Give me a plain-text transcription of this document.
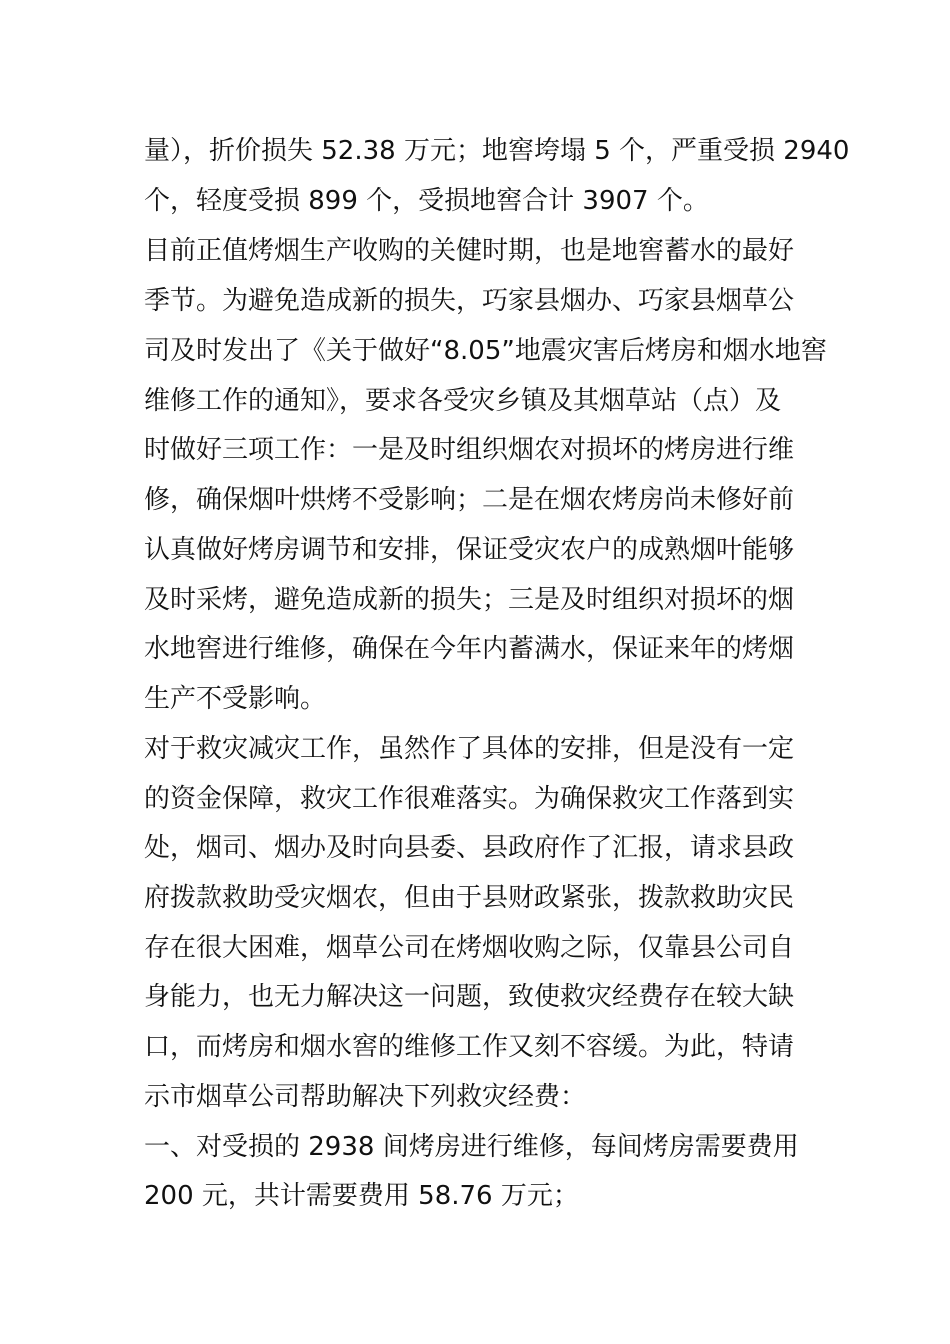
量），折价损失 52.38 万元；地窖垮塌 5 个，严重受损 2940
个，轻度受损 899 个，受损地窖合计 3907 个。
目前正值烤烟生产收购的关健时期，也是地窖蓄水的最好
季节。为避免造成新的损失，巧家县烟办、巧家县烟草公
司及时发出了《关于做好“8.05”地震灾害后烤房和烟水地窖
维修工作的通知》，要求各受灾乡镇及其烟草站（点）及
时做好三项工作：一是及时组织烟农对损坏的烤房进行维
修，确保烟叶烘烤不受影响；二是在烟农烤房尚未修好前
认真做好烤房调节和安排，保证受灾农户的成熟烟叶能够
及时采烤，避免造成新的损失；三是及时组织对损坏的烟
水地窖进行维修，确保在今年内蓄满水，保证来年的烤烟
生产不受影响。
对于救灾减灾工作，虽然作了具体的安排，但是没有一定
的资金保障，救灾工作很难落实。为确保救灾工作落到实
处，烟司、烟办及时向县委、县政府作了汇报，请求县政
府拨款救助受灾烟农，但由于县财政紧张，拨款救助灾民
存在很大困难，烟草公司在烤烟收购之际，仅靠县公司自
身能力，也无力解决这一问题，致使救灾经费存在较大缺
口，而烤房和烟水窖的维修工作又刻不容缓。为此，特请
示市烟草公司帮助解决下列救灾经费：
一、对受损的 2938 间烤房进行维修，每间烤房需要费用
200 元，共计需要费用 58.76 万元；
